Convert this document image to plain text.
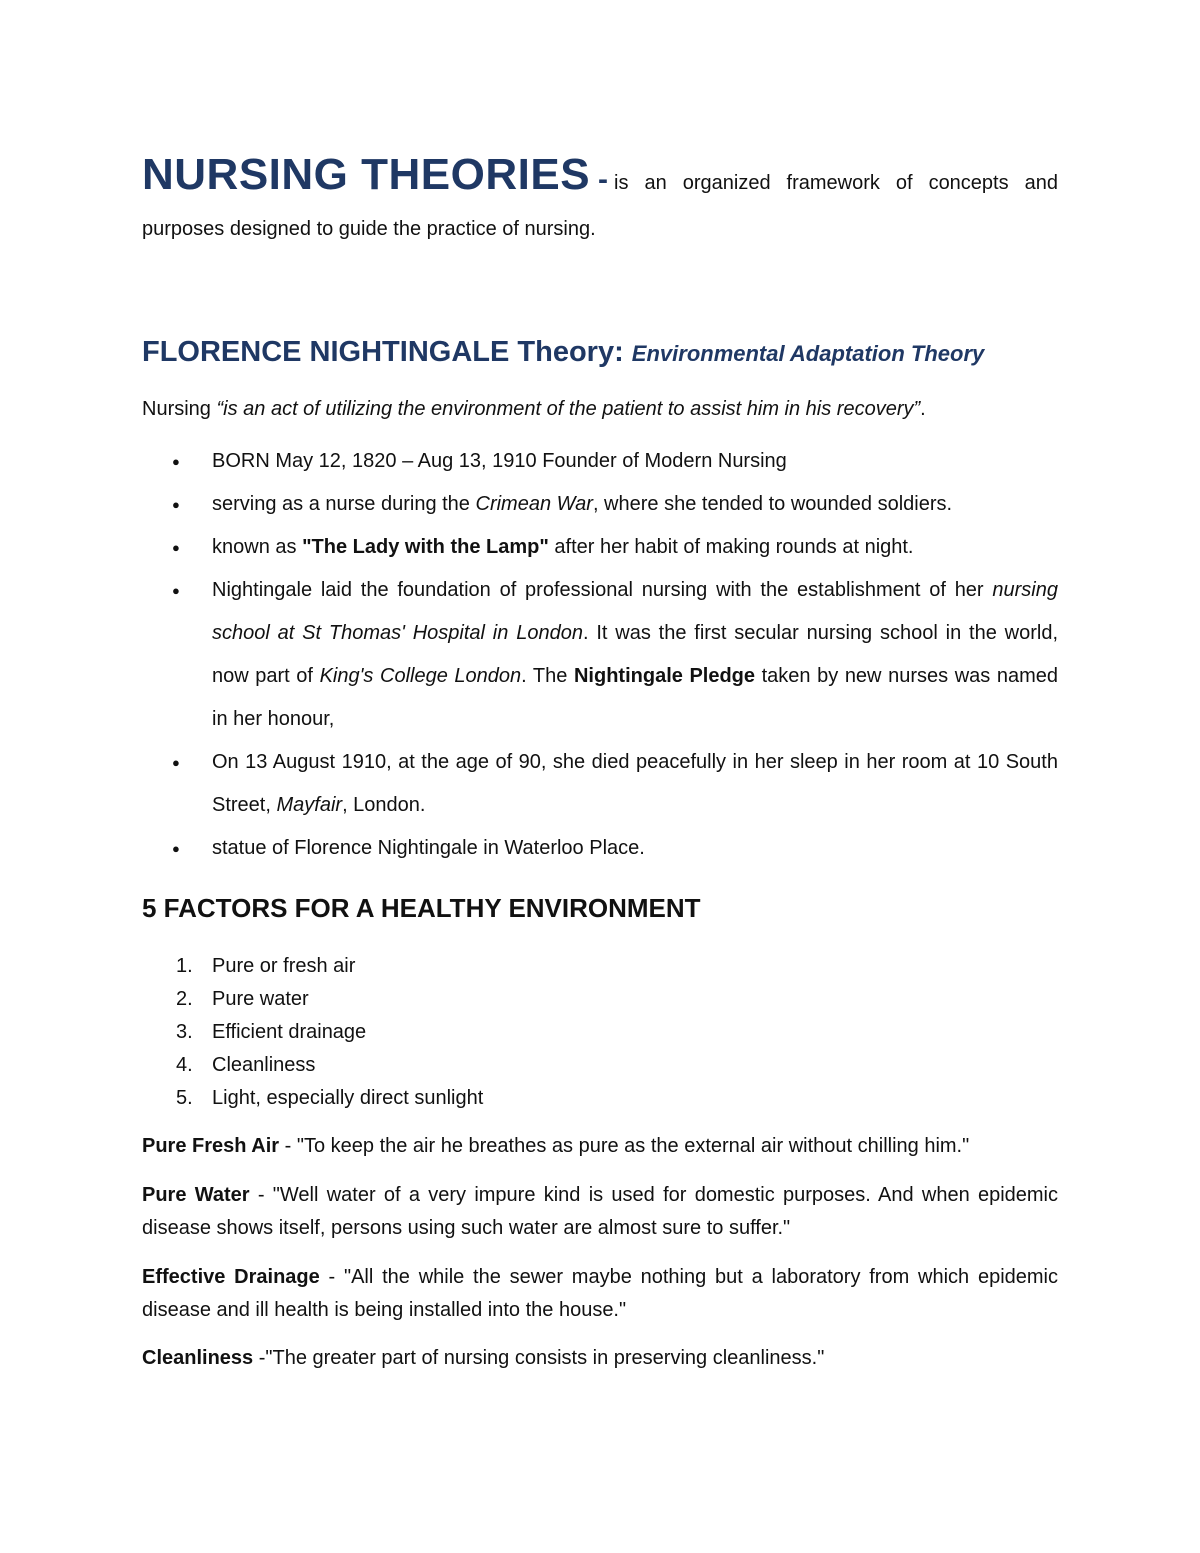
NURSING THEORIES - is an organized framework of concepts and
purposes designed to guide the practice of nursing.
FLORENCE NIGHTINGALE Theory: Environmental Adaptation Theory
Nursing “is an act of utilizing the environment of the patient to assist him in his recovery”.
● BORN May 12, 1820 – Aug 13, 1910 Founder of Modern Nursing
● serving as a nurse during the Crimean War, where she tended to wounded soldiers.
● known as "The Lady with the Lamp" after her habit of making rounds at night.
● Nightingale laid the foundation of professional nursing with the establishment of her nursing school at St Thomas' Hospital in London. It was the first secular nursing school in the world, now part of King's College London. The Nightingale Pledge taken by new nurses was named in her honour,
● On 13 August 1910, at the age of 90, she died peacefully in her sleep in her room at 10 South Street, Mayfair, London.
● statue of Florence Nightingale in Waterloo Place.
5 FACTORS FOR A HEALTHY ENVIRONMENT
1. Pure or fresh air
2. Pure water
3. Efficient drainage
4. Cleanliness
5. Light, especially direct sunlight
Pure Fresh Air - "To keep the air he breathes as pure as the external air without chilling him."
Pure Water - "Well water of a very impure kind is used for domestic purposes. And when epidemic disease shows itself, persons using such water are almost sure to suffer."
Effective Drainage - "All the while the sewer maybe nothing but a laboratory from which epidemic disease and ill health is being installed into the house."
Cleanliness -"The greater part of nursing consists in preserving cleanliness."
